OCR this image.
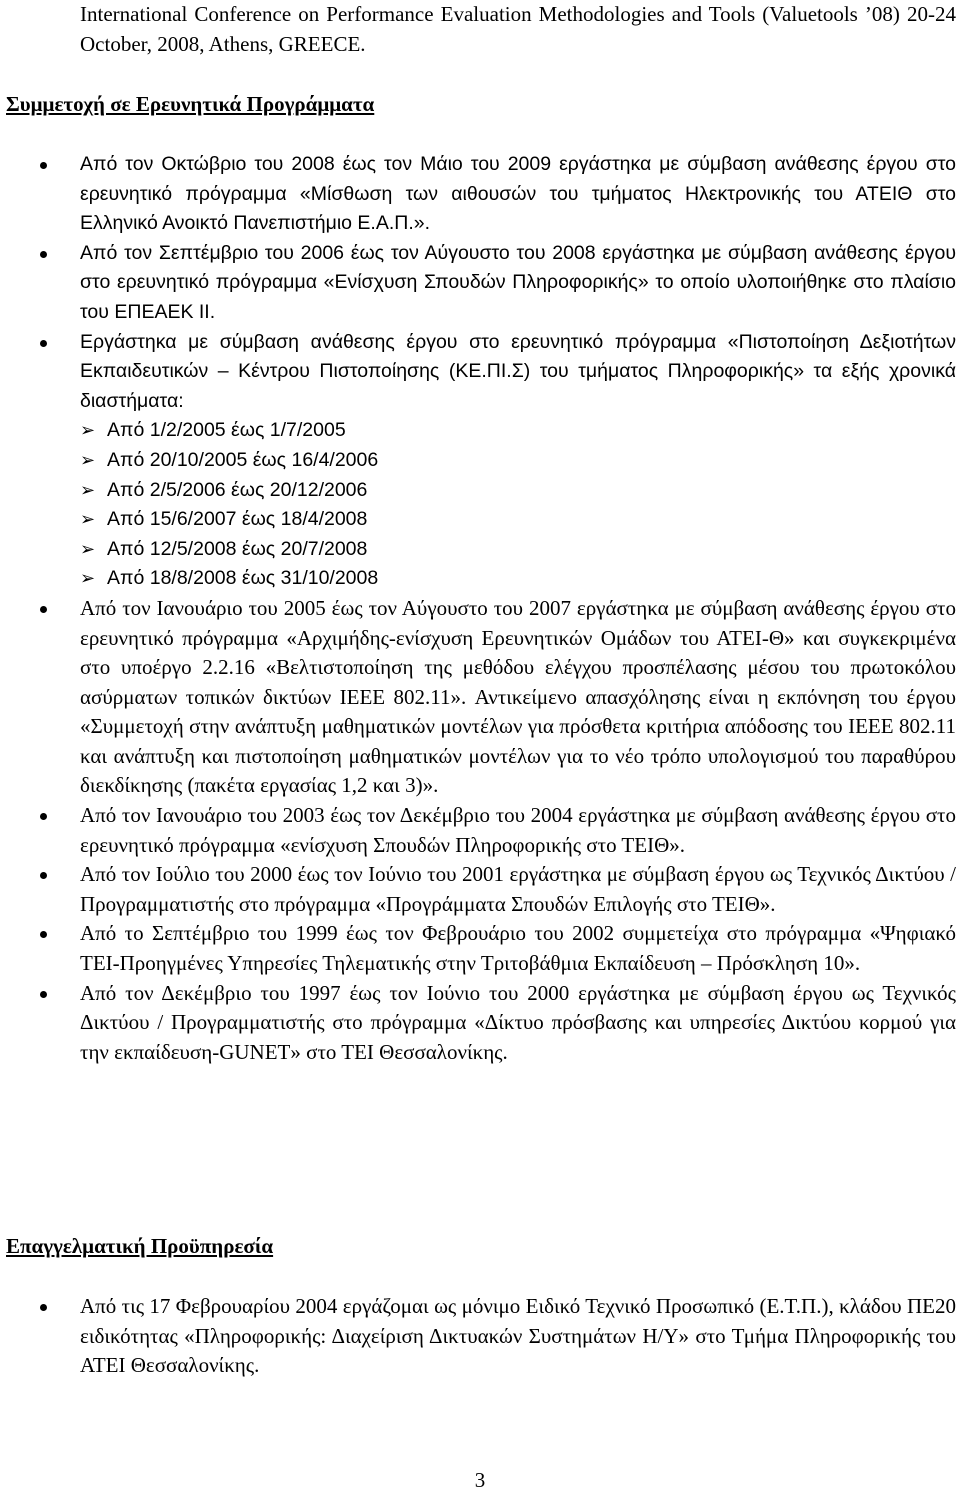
International Conference on Performance Evaluation Methodologies and Tools (Valuetools ’08) 20-24 October, 2008, Athens, GREECE.

Συμμετοχή σε Ερευνητικά Προγράμματα
Από τον Οκτώβριο του 2008 έως τον Μάιο του 2009 εργάστηκα με σύμβαση ανάθεσης έργου στο ερευνητικό πρόγραμμα «Μίσθωση των αιθουσών του τμήματος Ηλεκτρονικής του ΑΤΕΙΘ στο Ελληνικό Ανοικτό Πανεπιστήμιο Ε.Α.Π.».
Από τον Σεπτέμβριο του 2006 έως τον Αύγουστο του 2008 εργάστηκα με σύμβαση ανάθεσης έργου στο ερευνητικό πρόγραμμα «Ενίσχυση Σπουδών Πληροφορικής» το οποίο υλοποιήθηκε στο πλαίσιο του ΕΠΕΑΕΚ ΙΙ.
Εργάστηκα με σύμβαση ανάθεσης έργου στο ερευνητικό πρόγραμμα «Πιστοποίηση Δεξιοτήτων Εκπαιδευτικών – Κέντρου Πιστοποίησης (ΚΕ.ΠΙ.Σ) του τμήματος Πληροφορικής» τα εξής χρονικά διαστήματα:
➢ Από 1/2/2005 έως 1/7/2005
➢ Από 20/10/2005 έως 16/4/2006
➢ Από 2/5/2006 έως 20/12/2006
➢ Από 15/6/2007 έως 18/4/2008
➢ Από 12/5/2008 έως 20/7/2008
➢ Από 18/8/2008 έως 31/10/2008
Από τον Ιανουάριο του 2005 έως τον Αύγουστο του 2007 εργάστηκα με σύμβαση ανάθεσης έργου στο ερευνητικό πρόγραμμα «Αρχιμήδης-ενίσχυση Ερευνητικών Ομάδων του ΑΤΕΙ-Θ» και συγκεκριμένα στο υποέργο 2.2.16 «Βελτιστοποίηση της μεθόδου ελέγχου προσπέλασης μέσου του πρωτοκόλου ασύρματων τοπικών δικτύων IEEE 802.11». Αντικείμενο απασχόλησης είναι η εκπόνηση του έργου «Συμμετοχή στην ανάπτυξη μαθηματικών μοντέλων για πρόσθετα κριτήρια απόδοσης του IEEE 802.11 και ανάπτυξη και πιστοποίηση μαθηματικών μοντέλων για το νέο τρόπο υπολογισμού του παραθύρου διεκδίκησης (πακέτα εργασίας 1,2 και 3)».
Από τον Ιανουάριο του 2003 έως τον Δεκέμβριο του 2004 εργάστηκα με σύμβαση ανάθεσης έργου στο ερευνητικό πρόγραμμα «ενίσχυση Σπουδών Πληροφορικής στο ΤΕΙΘ».
Από τον Ιούλιο του 2000 έως τον Ιούνιο του 2001 εργάστηκα με σύμβαση έργου ως Τεχνικός Δικτύου / Προγραμματιστής στο πρόγραμμα «Προγράμματα Σπουδών Επιλογής στο ΤΕΙΘ».
Από το Σεπτέμβριο του 1999 έως τον Φεβρουάριο του 2002 συμμετείχα στο πρόγραμμα «Ψηφιακό ΤΕΙ-Προηγμένες Υπηρεσίες Τηλεματικής στην Τριτοβάθμια Εκπαίδευση – Πρόσκληση 10».
Από τον Δεκέμβριο του 1997 έως τον Ιούνιο του 2000 εργάστηκα με σύμβαση έργου ως Τεχνικός Δικτύου / Προγραμματιστής στο πρόγραμμα «Δίκτυο πρόσβασης και υπηρεσίες Δικτύου κορμού για την εκπαίδευση-GUNET» στο ΤΕΙ Θεσσαλονίκης.
Επαγγελματική Προϋπηρεσία
Από τις 17 Φεβρουαρίου 2004 εργάζομαι ως μόνιμο Ειδικό Τεχνικό Προσωπικό (Ε.Τ.Π.), κλάδου ΠΕ20 ειδικότητας «Πληροφορικής: Διαχείριση Δικτυακών Συστημάτων Η/Υ» στο Τμήμα Πληροφορικής του ΑΤΕΙ Θεσσαλονίκης.
3
